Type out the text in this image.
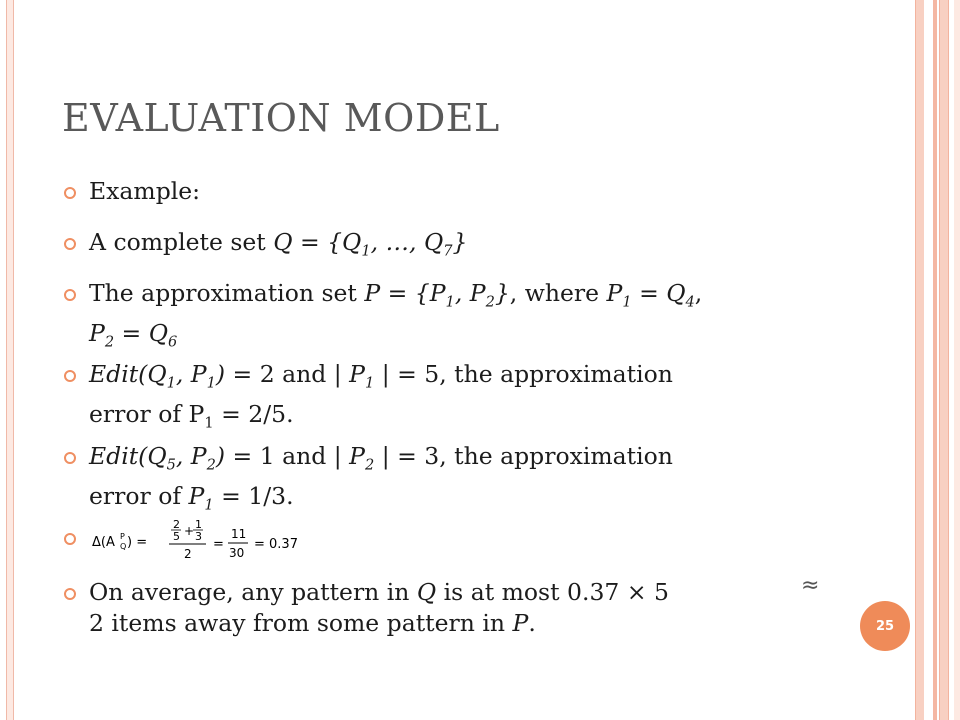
EVALUATION MODEL
Example:
A complete set $Q = \{Q_1$, …, $Q_7$}
The approximation set $P = \{P_1$, $P_2$}, where $P_1 = Q_4$,
$P_2 = Q_6$
$Edit(Q_1$, $P_1) = 2$ and | $P_1$ | = 5, the approximation
error of $P_1 = 2/5$.
$Edit(Q_5$, $P_2) = 1$ and | $P_2$ | = 3, the approximation
error of $P_1 = 1/3$.
On average, any pattern in Q is at most 0.37 × 5
2 items away from some pattern in P.
Δ(A P
Q ) =
2
5 + 1
3
2
=
11
30
= 0.37
≈
25
